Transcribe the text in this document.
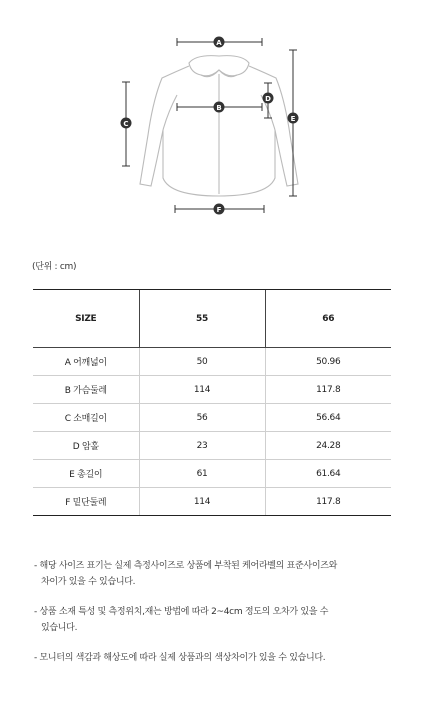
A
B
C
D
E
F
(단위 : cm)
SIZE	55	66
A 어깨넓이	50	50.96
B 가슴둘레	114	117.8
C 소매길이	56	56.64
D 암홀	23	24.28
E 총길이	61	61.64
F 밑단둘레	114	117.8
- 해당 사이즈 표기는 실제 측정사이즈로 상품에 부착된 케어라벨의 표준사이즈와
차이가 있을 수 있습니다.
- 상품 소재 특성 및 측정위치,재는 방법에 따라 2~4cm 정도의 오차가 있을 수
있습니다.
- 모니터의 색감과 해상도에 따라 실제 상품과의 색상차이가 있을 수 있습니다.
